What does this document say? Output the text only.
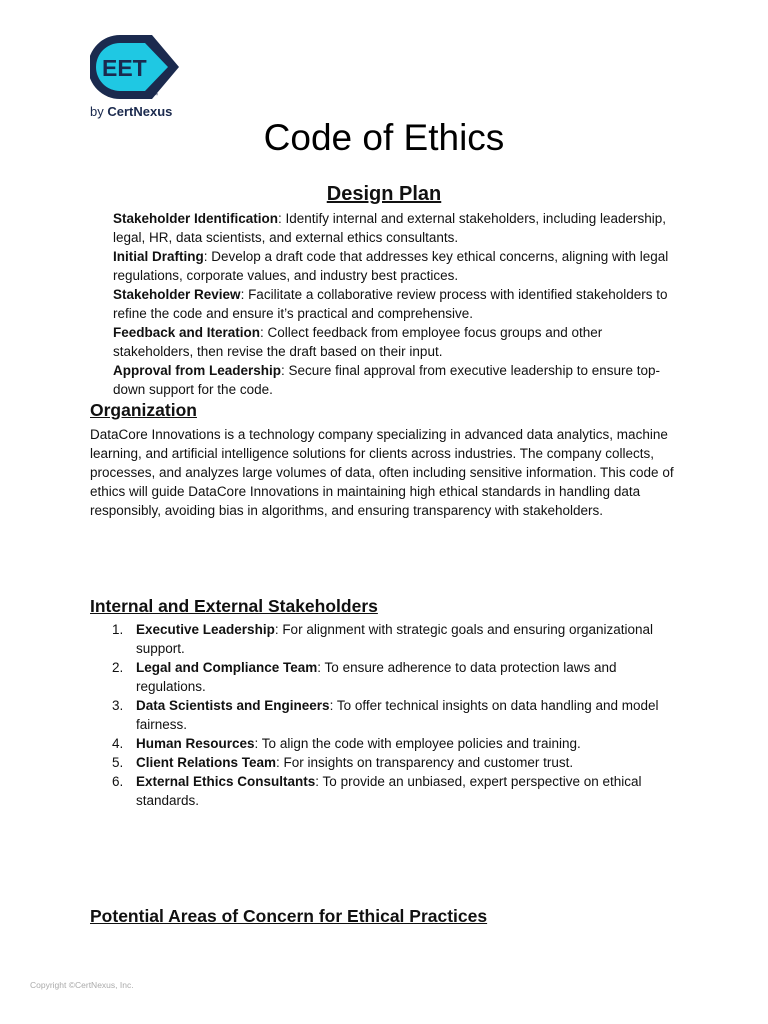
EET
™
by CertNexus
Code of Ethics
Design Plan
Stakeholder Identification: Identify internal and external stakeholders, including leadership, legal, HR, data scientists, and external ethics consultants.
Initial Drafting: Develop a draft code that addresses key ethical concerns, aligning with legal regulations, corporate values, and industry best practices.
Stakeholder Review: Facilitate a collaborative review process with identified stakeholders to refine the code and ensure it’s practical and comprehensive.
Feedback and Iteration: Collect feedback from employee focus groups and other stakeholders, then revise the draft based on their input.
Approval from Leadership: Secure final approval from executive leadership to ensure top-down support for the code.
Organization

DataCore Innovations is a technology company specializing in advanced data analytics, machine learning, and artificial intelligence solutions for clients across industries. The company collects, processes, and analyzes large volumes of data, often including sensitive information. This code of ethics will guide DataCore Innovations in maintaining high ethical standards in handling data responsibly, avoiding bias in algorithms, and ensuring transparency with stakeholders.

Internal and External Stakeholders
1. Executive Leadership: For alignment with strategic goals and ensuring organizational support.
2. Legal and Compliance Team: To ensure adherence to data protection laws and regulations.
3. Data Scientists and Engineers: To offer technical insights on data handling and model fairness.
4. Human Resources: To align the code with employee policies and training.
5. Client Relations Team: For insights on transparency and customer trust.
6. External Ethics Consultants: To provide an unbiased, expert perspective on ethical standards.
Potential Areas of Concern for Ethical Practices
Copyright ©CertNexus, Inc.
